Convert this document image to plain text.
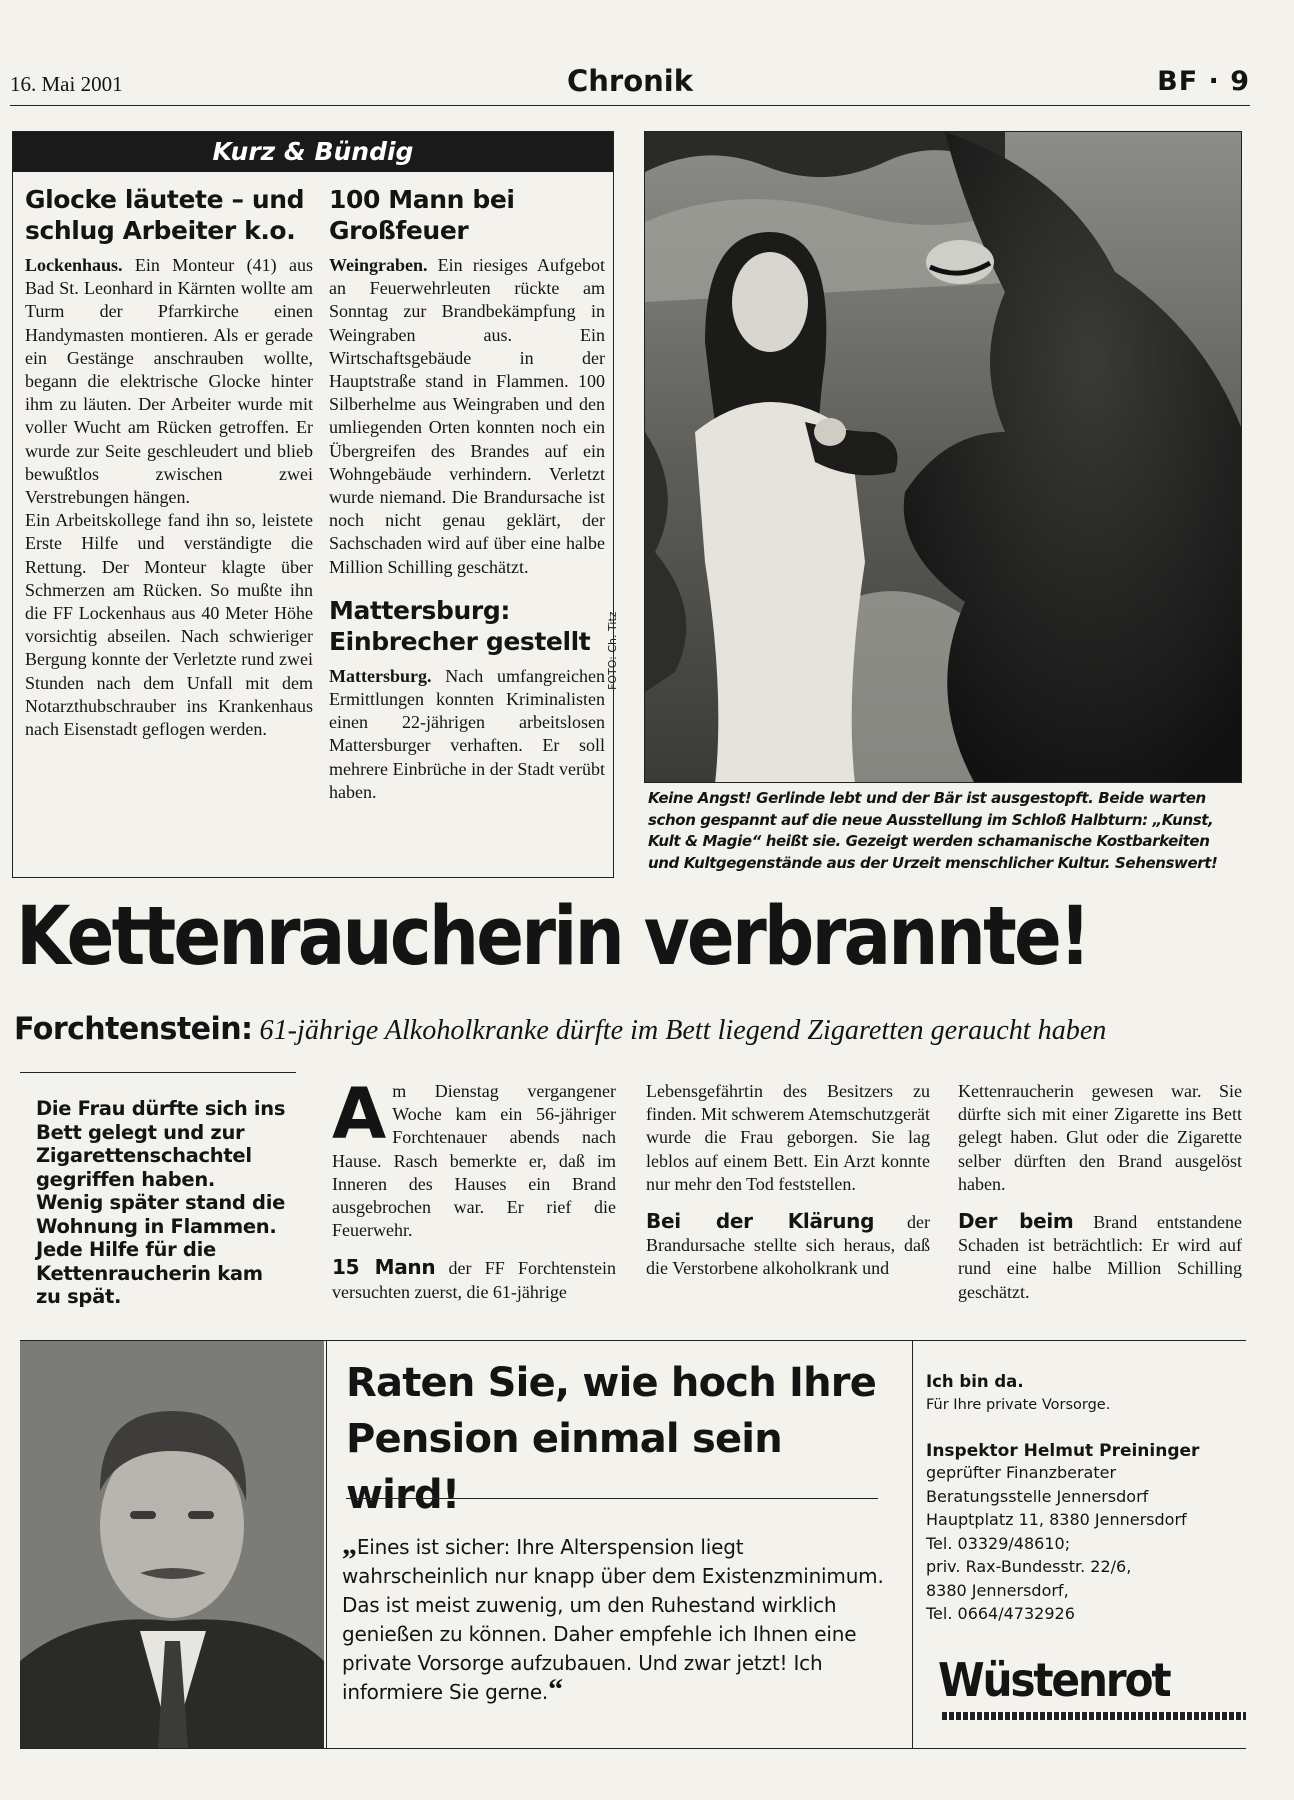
16. Mai 2001	Chronik	BF · 9
Kurz & Bündig
Glocke läutete – und schlug Arbeiter k.o.
Lockenhaus. Ein Monteur (41) aus Bad St. Leonhard in Kärnten wollte am Turm der Pfarrkirche einen Handymasten montieren. Als er gerade ein Gestänge anschrauben wollte, begann die elektrische Glocke hinter ihm zu läuten. Der Arbeiter wurde mit voller Wucht am Rücken getroffen. Er wurde zur Seite geschleudert und blieb bewußtlos zwischen zwei Verstrebungen hängen.
Ein Arbeitskollege fand ihn so, leistete Erste Hilfe und verständigte die Rettung. Der Monteur klagte über Schmerzen am Rücken. So mußte ihn die FF Lockenhaus aus 40 Meter Höhe vorsichtig abseilen. Nach schwieriger Bergung konnte der Verletzte rund zwei Stunden nach dem Unfall mit dem Notarzthubschrauber ins Krankenhaus nach Eisenstadt geflogen werden.
100 Mann bei Großfeuer
Weingraben. Ein riesiges Aufgebot an Feuerwehrleuten rückte am Sonntag zur Brandbekämpfung in Weingraben aus. Ein Wirtschaftsgebäude in der Hauptstraße stand in Flammen. 100 Silberhelme aus Weingraben und den umliegenden Orten konnten noch ein Übergreifen des Brandes auf ein Wohngebäude verhindern. Verletzt wurde niemand. Die Brandursache ist noch nicht genau geklärt, der Sachschaden wird auf über eine halbe Million Schilling geschätzt.
Mattersburg: Einbrecher gestellt
Mattersburg. Nach umfangreichen Ermittlungen konnten Kriminalisten einen 22-jährigen arbeitslosen Mattersburger verhaften. Er soll mehrere Einbrüche in der Stadt verübt haben.
FOTO: Ch. Titz
Keine Angst! Gerlinde lebt und der Bär ist ausgestopft. Beide warten schon gespannt auf die neue Ausstellung im Schloß Halbturn: „Kunst, Kult & Magie“ heißt sie. Gezeigt werden schamanische Kostbarkeiten und Kultgegenstände aus der Urzeit menschlicher Kultur. Sehenswert!
Kettenraucherin verbrannte!
Forchtenstein: 61-jährige Alkoholkranke dürfte im Bett liegend Zigaretten geraucht haben
Die Frau dürfte sich ins Bett gelegt und zur Zigarettenschachtel gegriffen haben. Wenig später stand die Wohnung in Flammen. Jede Hilfe für die Kettenraucherin kam zu spät.

Am Dienstag vergangener Woche kam ein 56-jähriger Forchtenauer abends nach Hause. Rasch bemerkte er, daß im Inneren des Hauses ein Brand ausgebrochen war. Er rief die Feuerwehr.

15 Mann der FF Forchtenstein versuchten zuerst, die 61-jährige

Lebensgefährtin des Besitzers zu finden. Mit schwerem Atemschutzgerät wurde die Frau geborgen. Sie lag leblos auf einem Bett. Ein Arzt konnte nur mehr den Tod feststellen.

Bei der Klärung der Brandursache stellte sich heraus, daß die Verstorbene alkoholkrank und

Kettenraucherin gewesen war. Sie dürfte sich mit einer Zigarette ins Bett gelegt haben. Glut oder die Zigarette selber dürften den Brand ausgelöst haben.

Der beim Brand entstandene Schaden ist beträchtlich: Er wird auf rund eine halbe Million Schilling geschätzt.

Raten Sie, wie hoch Ihre Pension einmal sein wird!
„Eines ist sicher: Ihre Alterspension liegt wahrscheinlich nur knapp über dem Existenzminimum. Das ist meist zuwenig, um den Ruhestand wirklich genießen zu können. Daher empfehle ich Ihnen eine private Vorsorge aufzubauen. Und zwar jetzt! Ich informiere Sie gerne.“
Ich bin da.
Für Ihre private Vorsorge.
Inspektor Helmut Preininger
geprüfter Finanzberater
Beratungsstelle Jennersdorf
Hauptplatz 11, 8380 Jennersdorf
Tel. 03329/48610;
priv. Rax-Bundesstr. 22/6,
8380 Jennersdorf,
Tel. 0664/4732926
Wüstenrot
